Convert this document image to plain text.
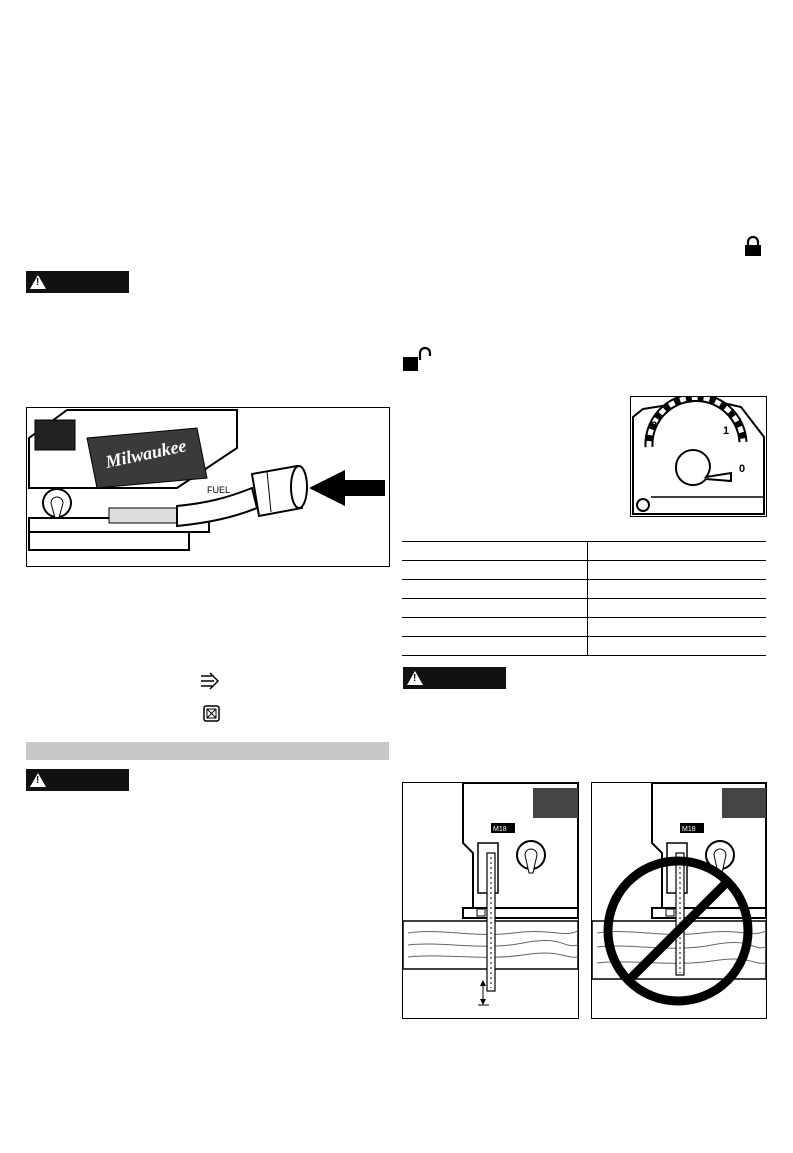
!
Milwaukee
FUEL
3	1
0

!
!
M18	M18
